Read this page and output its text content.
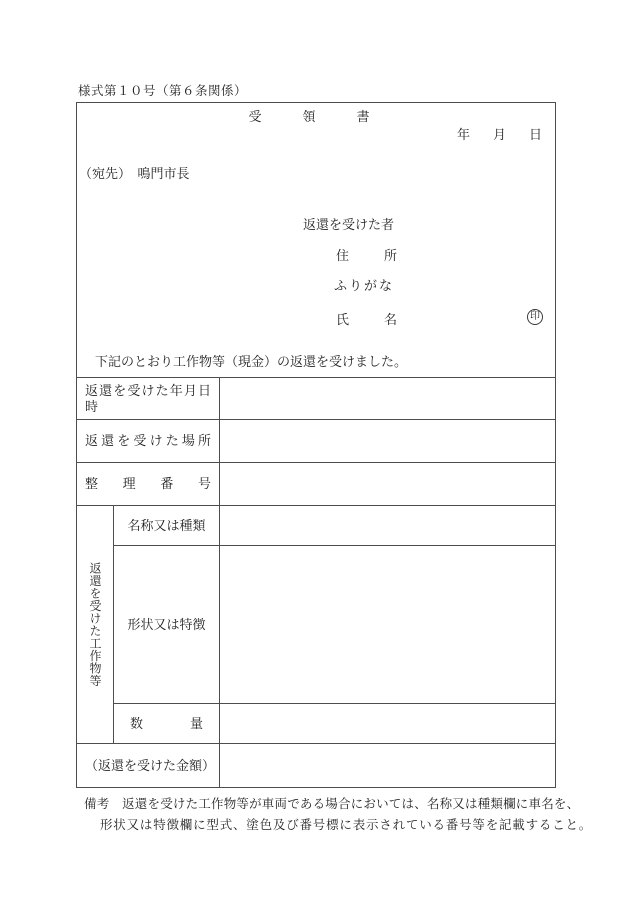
様式第１０号（第６条関係）
受　領　書
年　月　日
（宛先）　鳴門市長
返還を受けた者
住　　所
ふりがな
氏　　名	印
下記のとおり工作物等（現金）の返還を受けました。
返還を受けた年月日時
返還を受けた場所
整理番号
返還を受けた工作物等
名称又は種類
形状又は特徴
数量
（返還を受けた金額）
備考　返還を受けた工作物等が車両である場合においては、名称又は種類欄に車名を、
形状又は特徴欄に型式、塗色及び番号標に表示されている番号等を記載すること。
